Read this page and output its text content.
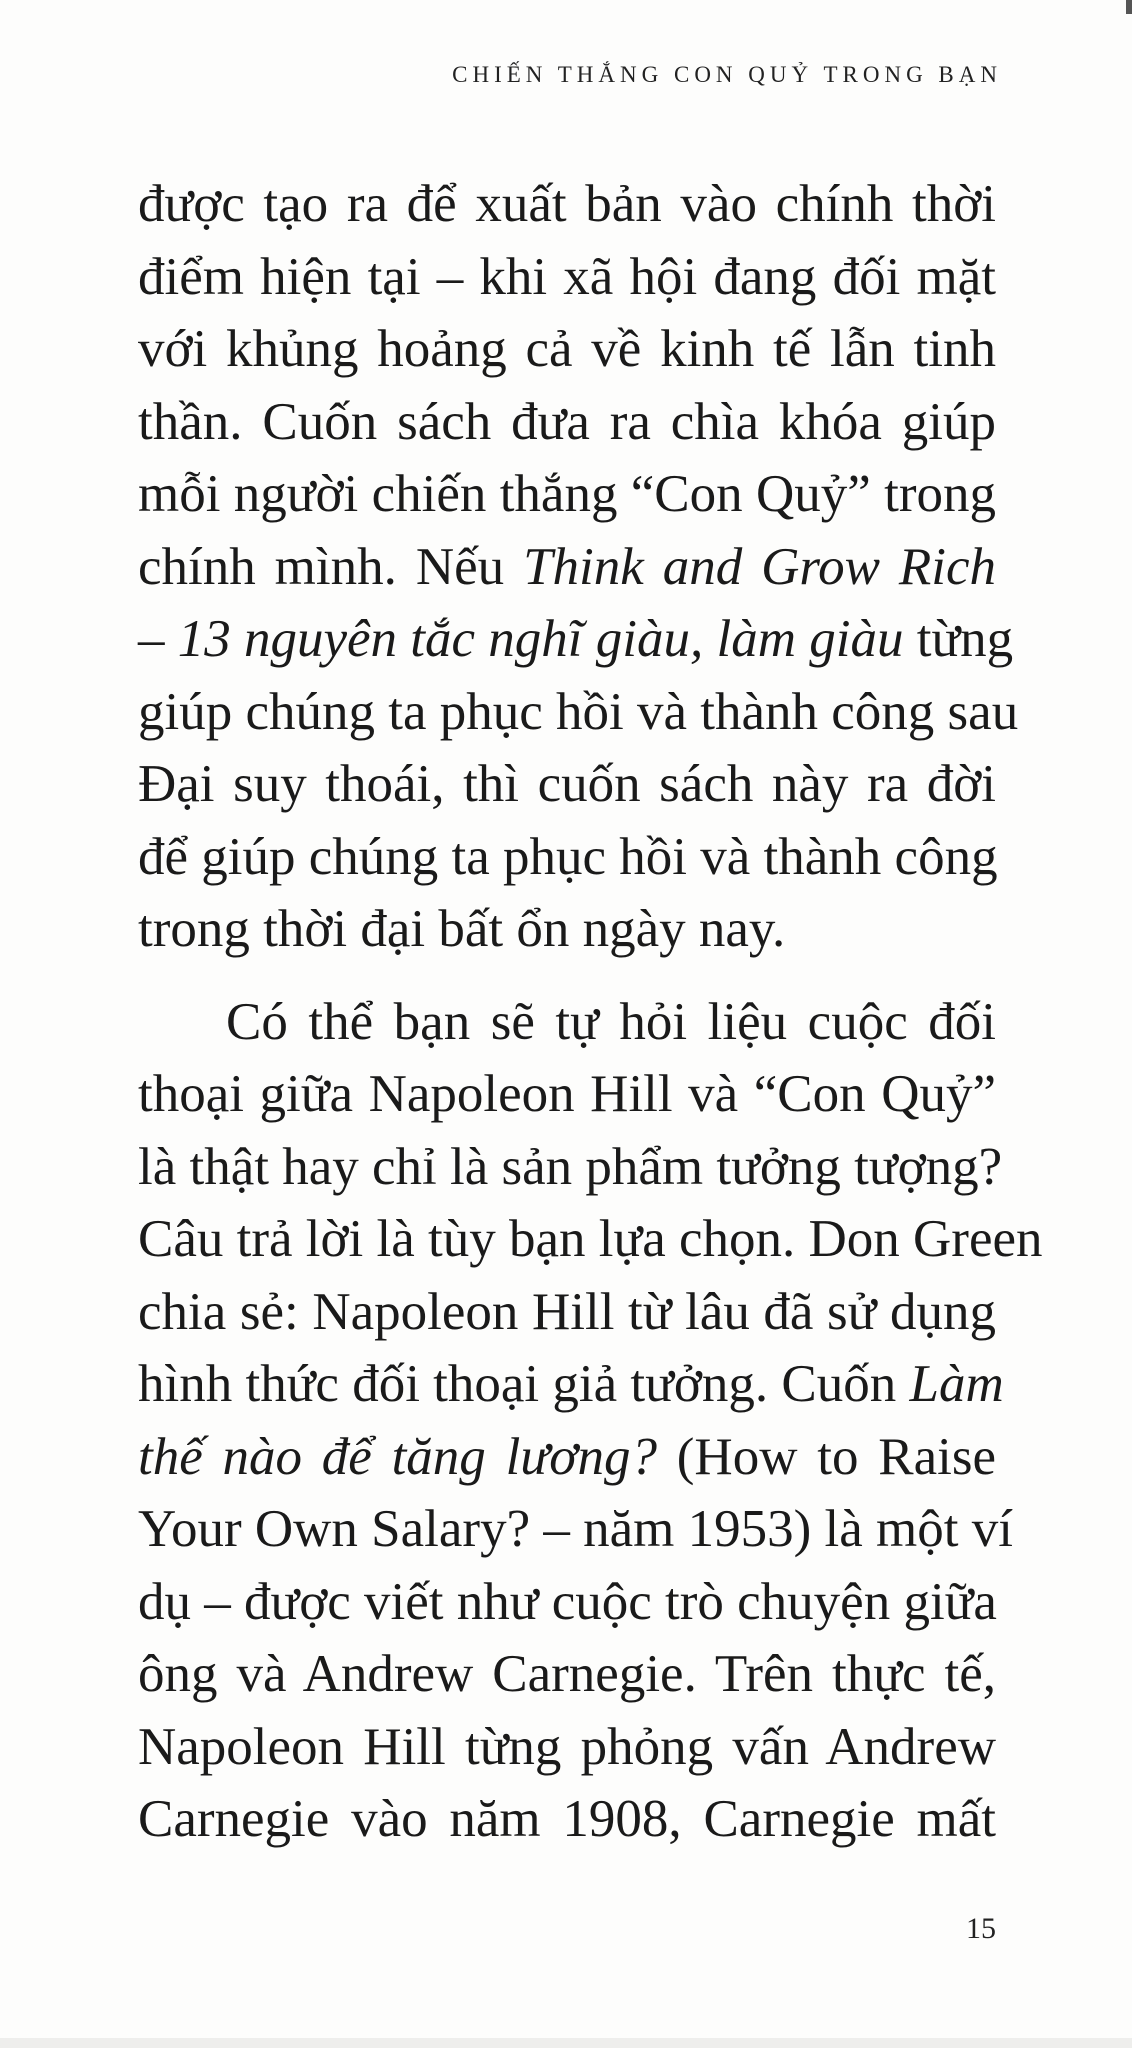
CHIẾN THẮNG CON QUỶ TRONG BẠN
được tạo ra để xuất bản vào chính thời
điểm hiện tại – khi xã hội đang đối mặt
với khủng hoảng cả về kinh tế lẫn tinh
thần. Cuốn sách đưa ra chìa khóa giúp
mỗi người chiến thắng “Con Quỷ” trong
chính mình. Nếu Think and Grow Rich
– 13 nguyên tắc nghĩ giàu, làm giàu từng
giúp chúng ta phục hồi và thành công sau
Đại suy thoái, thì cuốn sách này ra đời
để giúp chúng ta phục hồi và thành công
trong thời đại bất ổn ngày nay.
Có thể bạn sẽ tự hỏi liệu cuộc đối
thoại giữa Napoleon Hill và “Con Quỷ”
là thật hay chỉ là sản phẩm tưởng tượng?
Câu trả lời là tùy bạn lựa chọn. Don Green
chia sẻ: Napoleon Hill từ lâu đã sử dụng
hình thức đối thoại giả tưởng. Cuốn Làm
thế nào để tăng lương? (How to Raise
Your Own Salary? – năm 1953) là một ví
dụ – được viết như cuộc trò chuyện giữa
ông và Andrew Carnegie. Trên thực tế,
Napoleon Hill từng phỏng vấn Andrew
Carnegie vào năm 1908, Carnegie mất
15
